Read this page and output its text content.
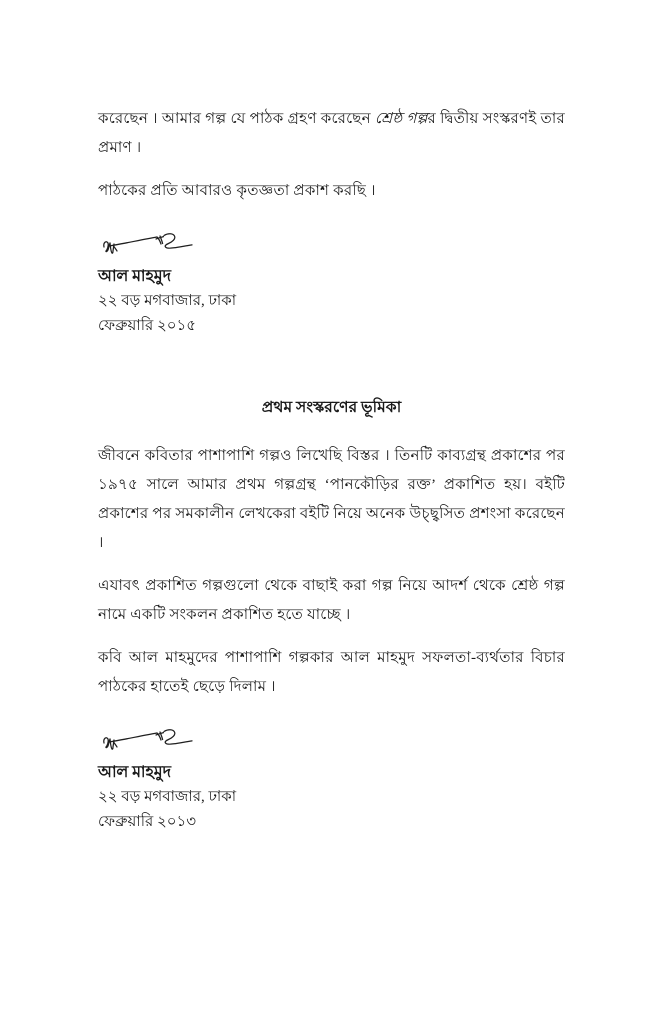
করেছেন । আমার গল্প যে পাঠক গ্রহণ করেছেন শ্রেষ্ঠ গল্পর দ্বিতীয় সংস্করণই তার প্রমাণ ।

পাঠকের প্রতি আবারও কৃতজ্ঞতা প্রকাশ করছি ।

আল মাহমুদ

২২ বড় মগবাজার, ঢাকা

ফেব্রুয়ারি ২০১৫

প্রথম সংস্করণের ভূমিকা

জীবনে কবিতার পাশাপাশি গল্পও লিখেছি বিস্তর । তিনটি কাব্যগ্রন্থ প্রকাশের পর ১৯৭৫ সালে আমার প্রথম গল্পগ্রন্থ ‘পানকৌড়ির রক্ত’ প্রকাশিত হয়। বইটি প্রকাশের পর সমকালীন লেখকেরা বইটি নিয়ে অনেক উচ্ছ্বসিত প্রশংসা করেছেন ।

এযাবৎ প্রকাশিত গল্পগুলো থেকে বাছাই করা গল্প নিয়ে আদর্শ থেকে শ্রেষ্ঠ গল্প নামে একটি সংকলন প্রকাশিত হতে যাচ্ছে ।

কবি আল মাহমুদের পাশাপাশি গল্পকার আল মাহমুদ সফলতা-ব্যর্থতার বিচার পাঠকের হাতেই ছেড়ে দিলাম ।

আল মাহমুদ

২২ বড় মগবাজার, ঢাকা

ফেব্রুয়ারি ২০১৩
